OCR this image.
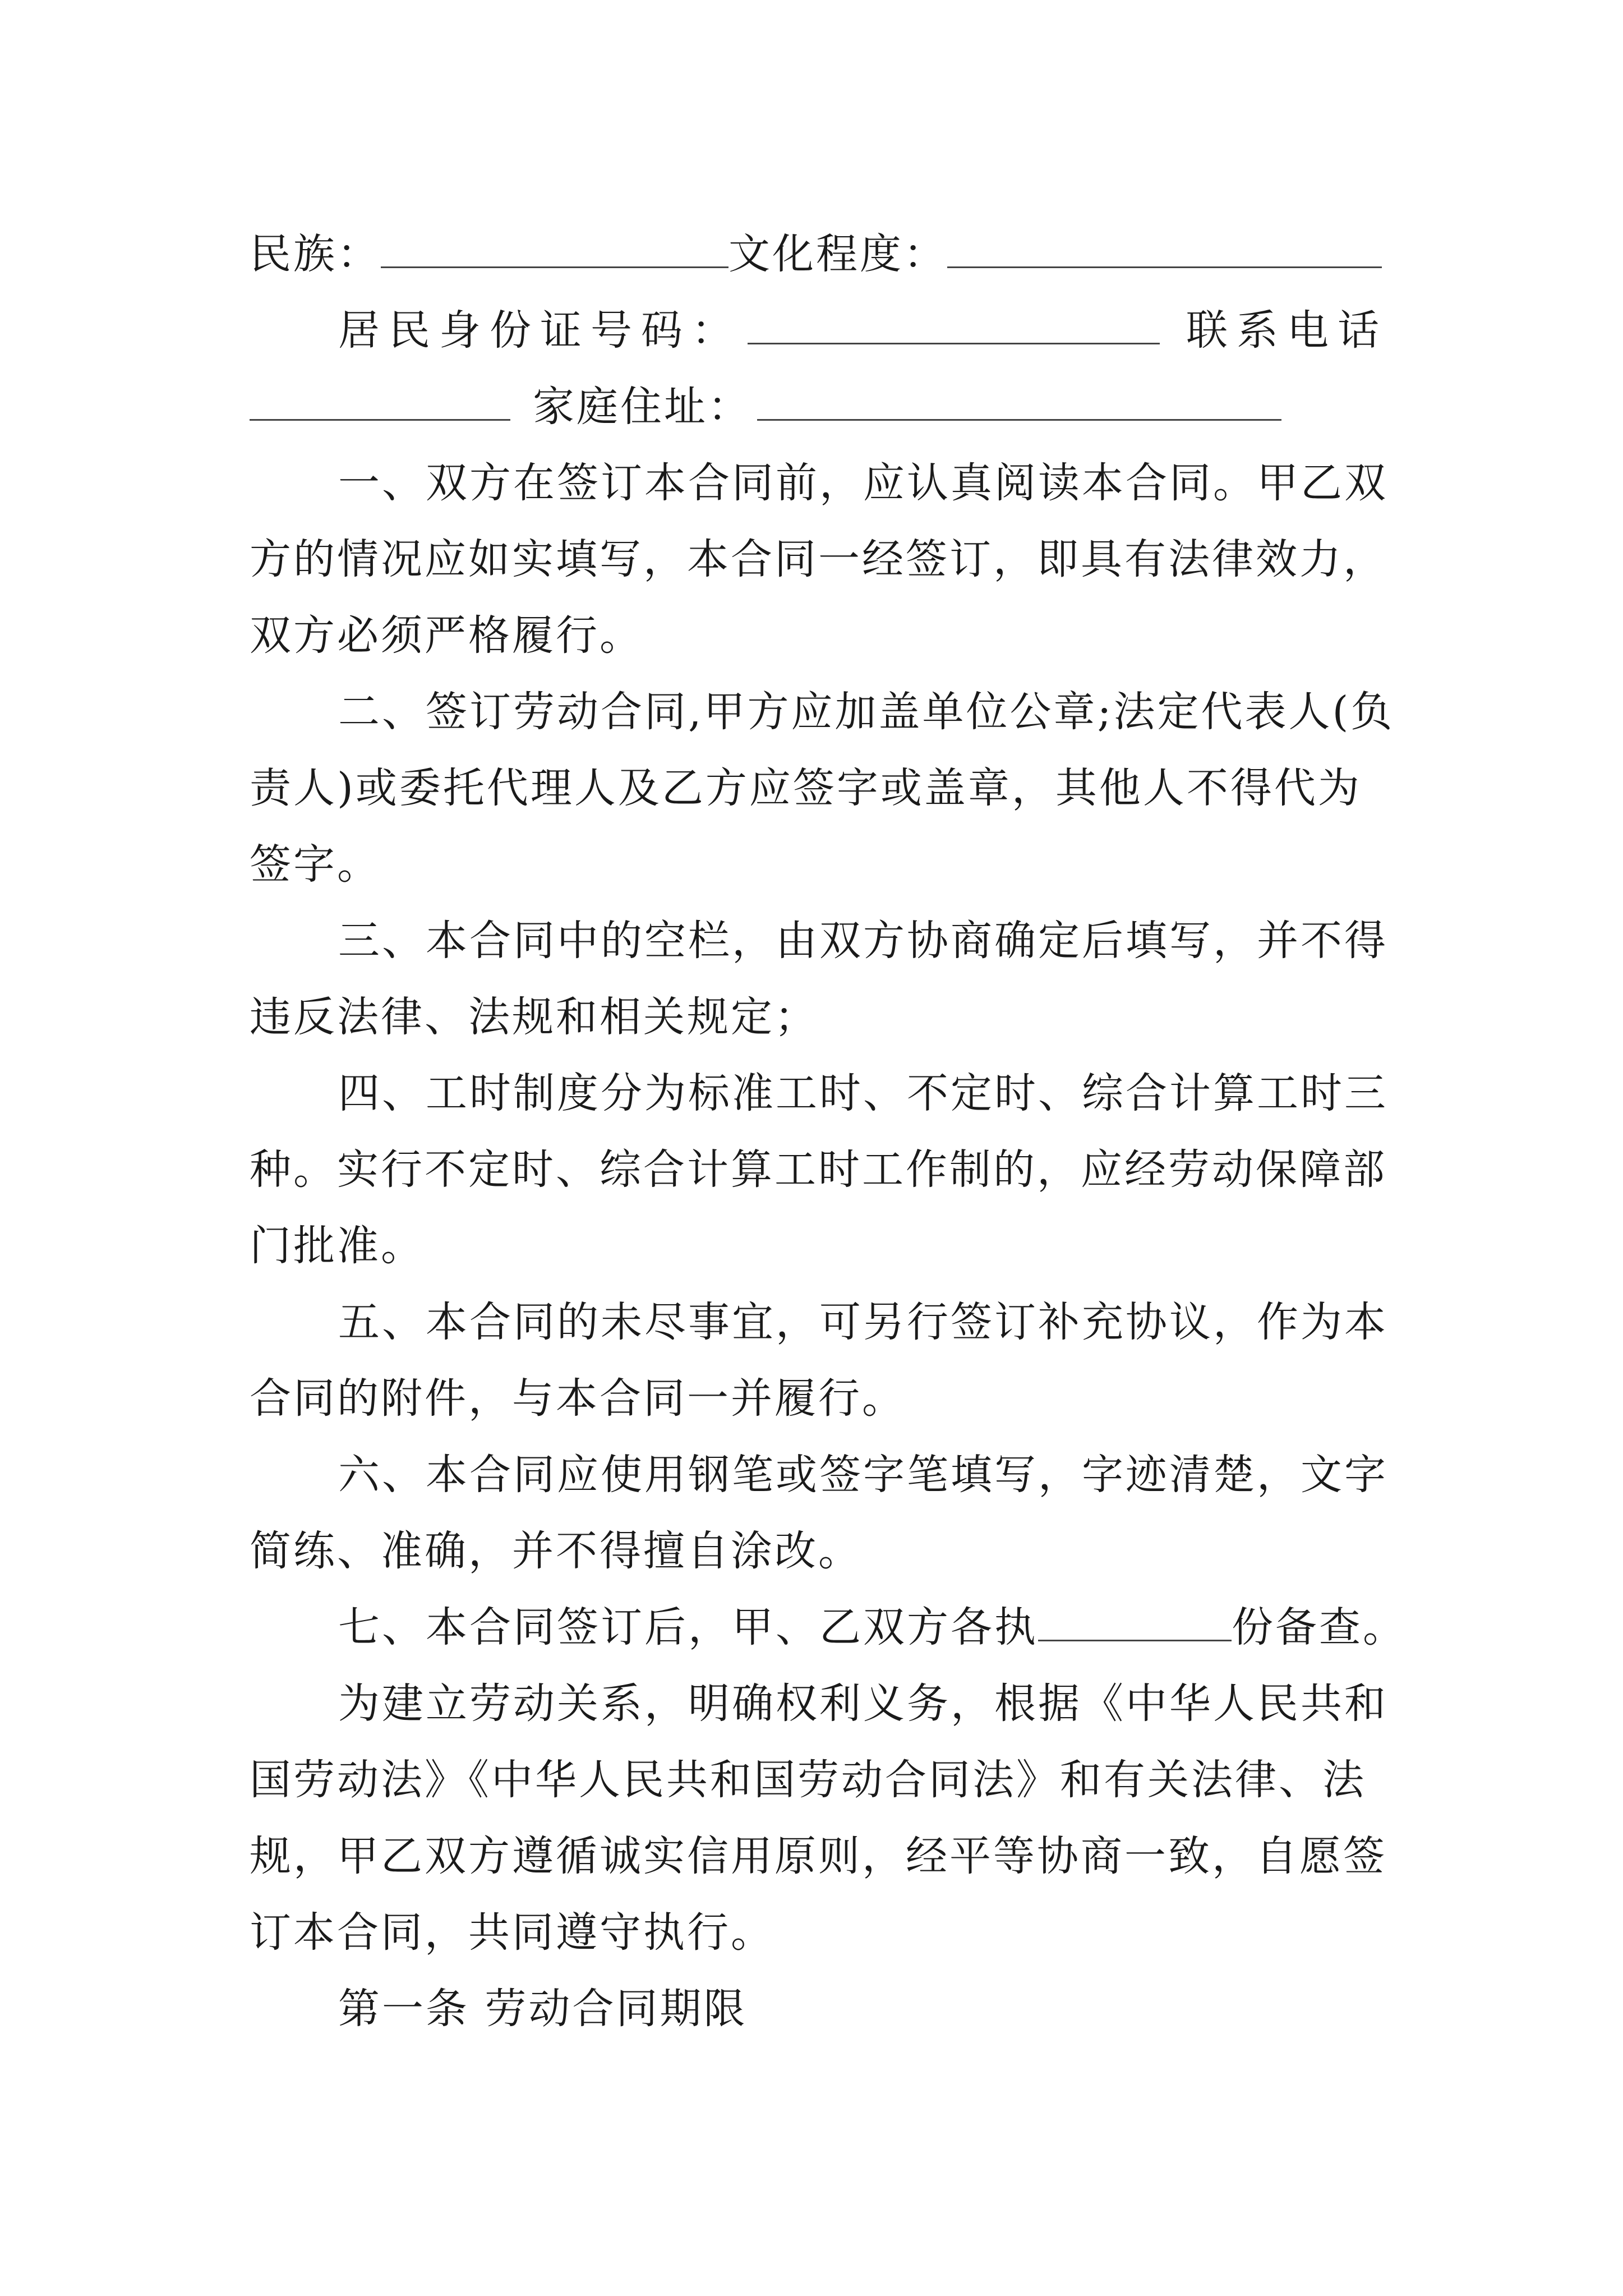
民族：	文化程度：
居民身份证号码：	联系电话
家庭住址：
一、双方在签订本合同前，应认真阅读本合同。甲乙双
方的情况应如实填写，本合同一经签订，即具有法律效力，
双方必须严格履行。
二、签订劳动合同,甲方应加盖单位公章;法定代表人(负
责人)或委托代理人及乙方应签字或盖章，其他人不得代为
签字。
三、本合同中的空栏，由双方协商确定后填写，并不得
违反法律、法规和相关规定；
四、工时制度分为标准工时、不定时、综合计算工时三
种。实行不定时、综合计算工时工作制的，应经劳动保障部
门批准。
五、本合同的未尽事宜，可另行签订补充协议，作为本
合同的附件，与本合同一并履行。
六、本合同应使用钢笔或签字笔填写，字迹清楚，文字
简练、准确，并不得擅自涂改。
七、本合同签订后，甲、乙双方各执	份备查。
为建立劳动关系，明确权利义务，根据《中华人民共和
国劳动法》《中华人民共和国劳动合同法》和有关法律、法
规，甲乙双方遵循诚实信用原则，经平等协商一致，自愿签
订本合同，共同遵守执行。
第一条 劳动合同期限
